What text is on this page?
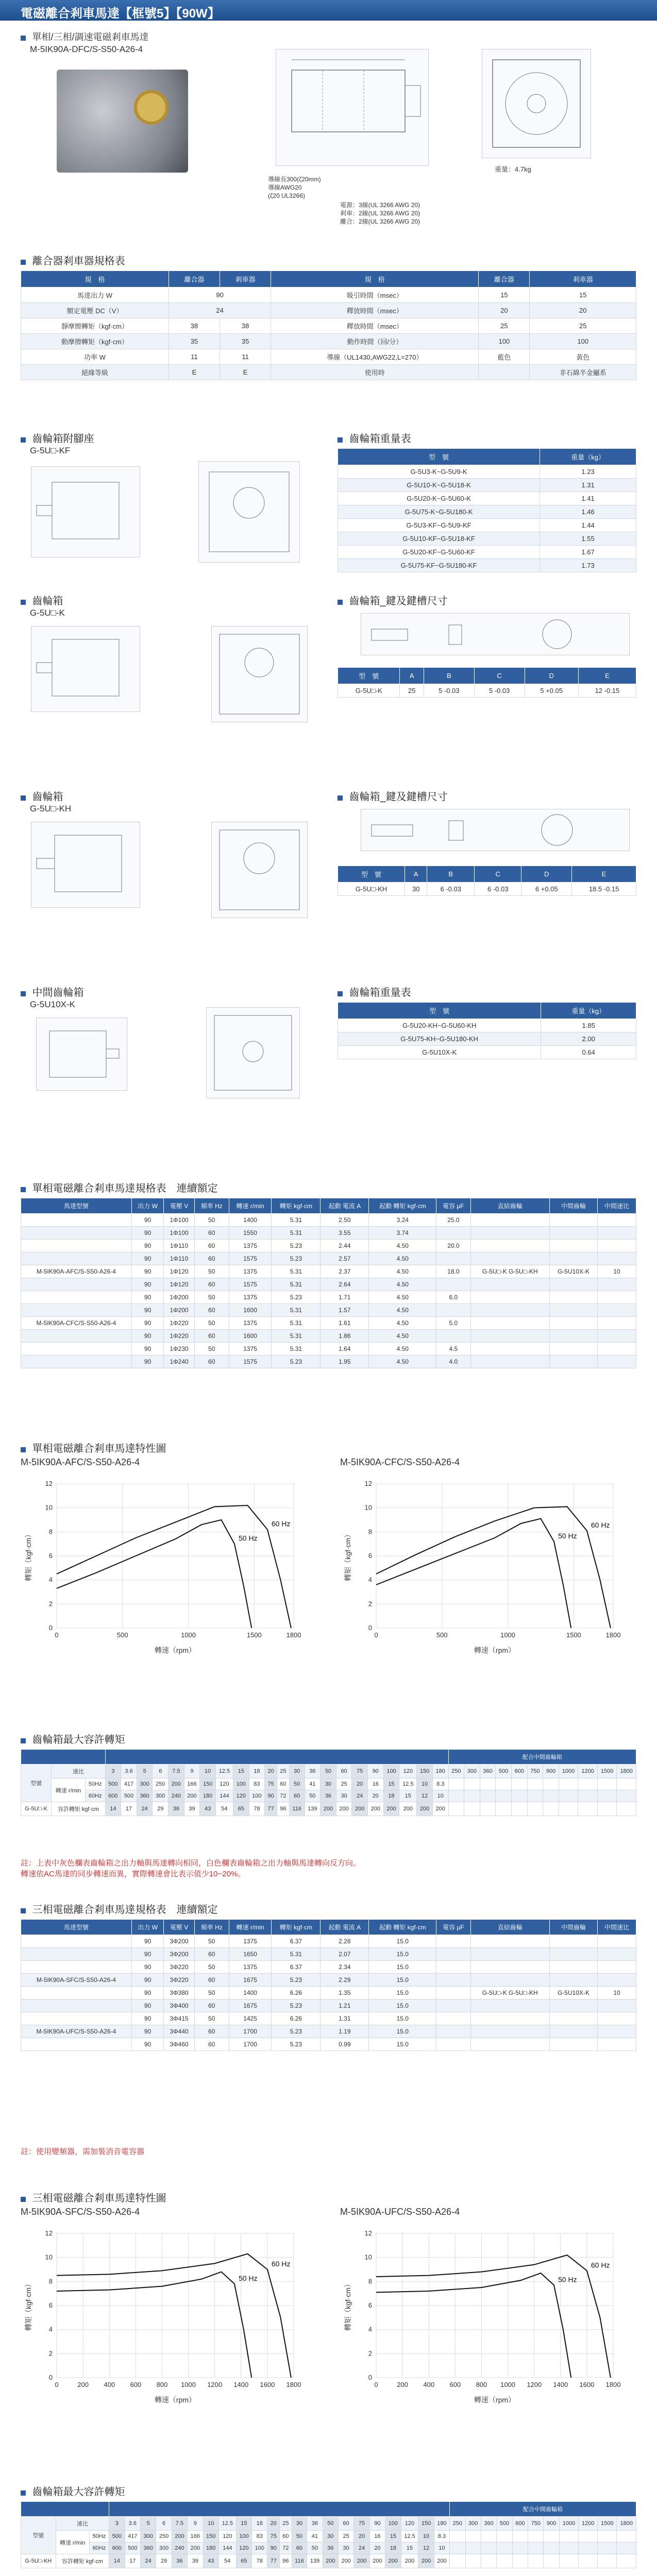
電磁離合剎車馬達【框號5】【90W】
單相/三相/調速電磁剎車馬達
M-5IK90A-DFC/S-S50-A26-4
重量：4.7kg
導線長300(ζ20mm)
導線AWG20
(ζ20 UL3266)
電源：3線(UL 3266 AWG 20)
剎車：2線(UL 3266 AWG 20)
離合：2線(UL 3266 AWG 20)
離合器剎車器規格表
規　格	離合器	剎車器	規　格	離合器	剎車器
馬達出力 W	90		吸引時間（msec）	15	15
額定電壓 DC（V）	24		釋放時間（msec）	20	20
靜摩擦轉矩（kgf·cm）	38	38	釋放時間（msec）	25	25
動摩擦轉矩（kgf·cm）	35	35	動作時間（回/分）	100	100
功率 W	11	11	導線（UL1430,AWG22,L=270）	藍色	黃色
絕緣等級	E	E	使用時		非石綿半金屬系
齒輪箱附腳座
G-5U□-KF
齒輪箱重量表
型　號	重量（kg）
G-5U3-K~G-5U9-K	1.23
G-5U10-K~G-5U18-K	1.31
G-5U20-K~G-5U60-K	1.41
G-5U75-K~G-5U180-K	1.46
G-5U3-KF~G-5U9-KF	1.44
G-5U10-KF~G-5U18-KF	1.55
G-5U20-KF~G-5U60-KF	1.67
G-5U75-KF~G-5U180-KF	1.73
齒輪箱
G-5U□-K
齒輪箱_鍵及鍵槽尺寸
型　號	A	B	C	D	E
G-5U□-K	25	5 -0.03	5 -0.03	5 +0.05	12 -0.15
齒輪箱
G-5U□-KH
齒輪箱_鍵及鍵槽尺寸
型　號	A	B	C	D	E
G-5U□-KH	30	6 -0.03	6 -0.03	6 +0.05	18.5 -0.15
中間齒輪箱
G-5U10X-K
齒輪箱重量表
型　號	重量（kg）
G-5U20-KH~G-5U60-KH	1.85
G-5U75-KH~G-5U180-KH	2.00
G-5U10X-K	0.64
單相電磁離合剎車馬達規格表　連續額定
馬達型號	出力 W	電壓 V	頻率 Hz	轉速 r/min	轉矩 kgf·cm	起動 電流 A	起動 轉矩 kgf·cm	電容 μF	直結齒輪	中間齒輪	中間速比
	90	1Φ100	50	1400	5.31	2.50	3.24	25.0			
	90	1Φ100	60	1550	5.31	3.55	3.74				
	90	1Φ110	60	1375	5.23	2.44	4.50	20.0			
	90	1Φ110	60	1575	5.23	2.57	4.50				
M-5IK90A-AFC/S-S50-A26-4	90	1Φ120	50	1375	5.31	2.37	4.50	18.0	G-5U□-K G-5U□-KH	G-5U10X-K	10
	90	1Φ120	60	1575	5.31	2.64	4.50				
	90	1Φ200	50	1375	5.23	1.71	4.50	6.0			
	90	1Φ200	60	1600	5.31	1.57	4.50				
M-5IK90A-CFC/S-S50-A26-4	90	1Φ220	50	1375	5.31	1.61	4.50	5.0			
	90	1Φ220	60	1600	5.31	1.86	4.50				
	90	1Φ230	50	1375	5.31	1.64	4.50	4.5			
	90	1Φ240	60	1575	5.23	1.95	4.50	4.0			
單相電磁離合剎車馬達特性圖
M-5IK90A-AFC/S-S50-A26-4	M-5IK90A-CFC/S-S50-A26-4
0	500	1000	1500	1800
0
2
4
6
8
10
12
60 Hz
50 Hz
轉速（rpm）
轉矩（kgf·cm）
0	500	1000	1500	1800
0
2
4
6
8
10
12
60 Hz
50 Hz
轉速（rpm）
轉矩（kgf·cm）
齒輪箱最大容許轉矩
																									配合中間齒輪箱										
型號	速比		3	3.6	5	6	7.5	9	10	12.5	15	18	20	25	30	36	50	60	75	90	100	120	150	180	250	300	360	500	600	750	900	1000	1200	1500	1800
	轉速 r/min	50Hz	500	417	300	250	200	166	150	120	100	83	75	60	50	41	30	25	20	16	15	12.5	10	8.3											
		60Hz	600	500	360	300	240	200	180	144	120	100	90	72	60	50	36	30	24	20	18	15	12	10											
G-5U□-K	容許轉矩 kgf·cm		14	17	24	29	36	39	43	54	65	78	77	96	116	139	200	200	200	200	200	200	200	200											
註：上表中灰色欄表齒輪箱之出力軸與馬達轉向相同，白色欄表齒輪箱之出力軸與馬達轉向反方向。
轉速依AC馬達的同步轉速而異，實際轉速會比表示值少10~20%。
三相電磁離合剎車馬達規格表　連續額定
馬達型號	出力 W	電壓 V	頻率 Hz	轉速 r/min	轉矩 kgf·cm	起動 電流 A	起動 轉矩 kgf·cm	電容 μF	直結齒輪	中間齒輪	中間速比
	90	3Φ200	50	1375	6.37	2.28	15.0				
	90	3Φ200	60	1650	5.31	2.07	15.0				
	90	3Φ220	50	1375	6.37	2.34	15.0				
M-5IK90A-SFC/S-S50-A26-4	90	3Φ220	60	1675	5.23	2.29	15.0				
	90	3Φ380	50	1400	6.26	1.35	15.0		G-5U□-K G-5U□-KH	G-5U10X-K	10
	90	3Φ400	60	1675	5.23	1.21	15.0				
	90	3Φ415	50	1425	6.26	1.31	15.0				
M-5IK90A-UFC/S-S50-A26-4	90	3Φ440	60	1700	5.23	1.19	15.0				
	90	3Φ460	60	1700	5.23	0.99	15.0				
註：使用變頻器，需加裝消音電容器
三相電磁離合剎車馬達特性圖
M-5IK90A-SFC/S-S50-A26-4	M-5IK90A-UFC/S-S50-A26-4
0	200 400 600 800 1000 1200 1400 1600 1800
0
2
4
6
8
10
12
60 Hz
50 Hz
轉速（rpm）
轉矩（kgf·cm）
0	200 400 600 800 1000 1200 1400 1600 1800
0
2
4
6
8
10
12
60 Hz
50 Hz
轉速（rpm）
轉矩（kgf·cm）
齒輪箱最大容許轉矩
																									配合中間齒輪箱										
型號	速比		3	3.6	5	6	7.5	9	10	12.5	15	18	20	25	30	36	50	60	75	90	100	120	150	180	250	300	360	500	600	750	900	1000	1200	1500	1800
	轉速 r/min	50Hz	500	417	300	250	200	166	150	120	100	83	75	60	50	41	30	25	20	16	15	12.5	10	8.3											
		60Hz	600	500	360	300	240	200	180	144	120	100	90	72	60	50	36	30	24	20	18	15	12	10											
G-5U□-KH	容許轉矩 kgf·cm		14	17	24	29	36	39	43	54	65	78	77	96	116	139	200	200	200	200	200	200	200	200											
